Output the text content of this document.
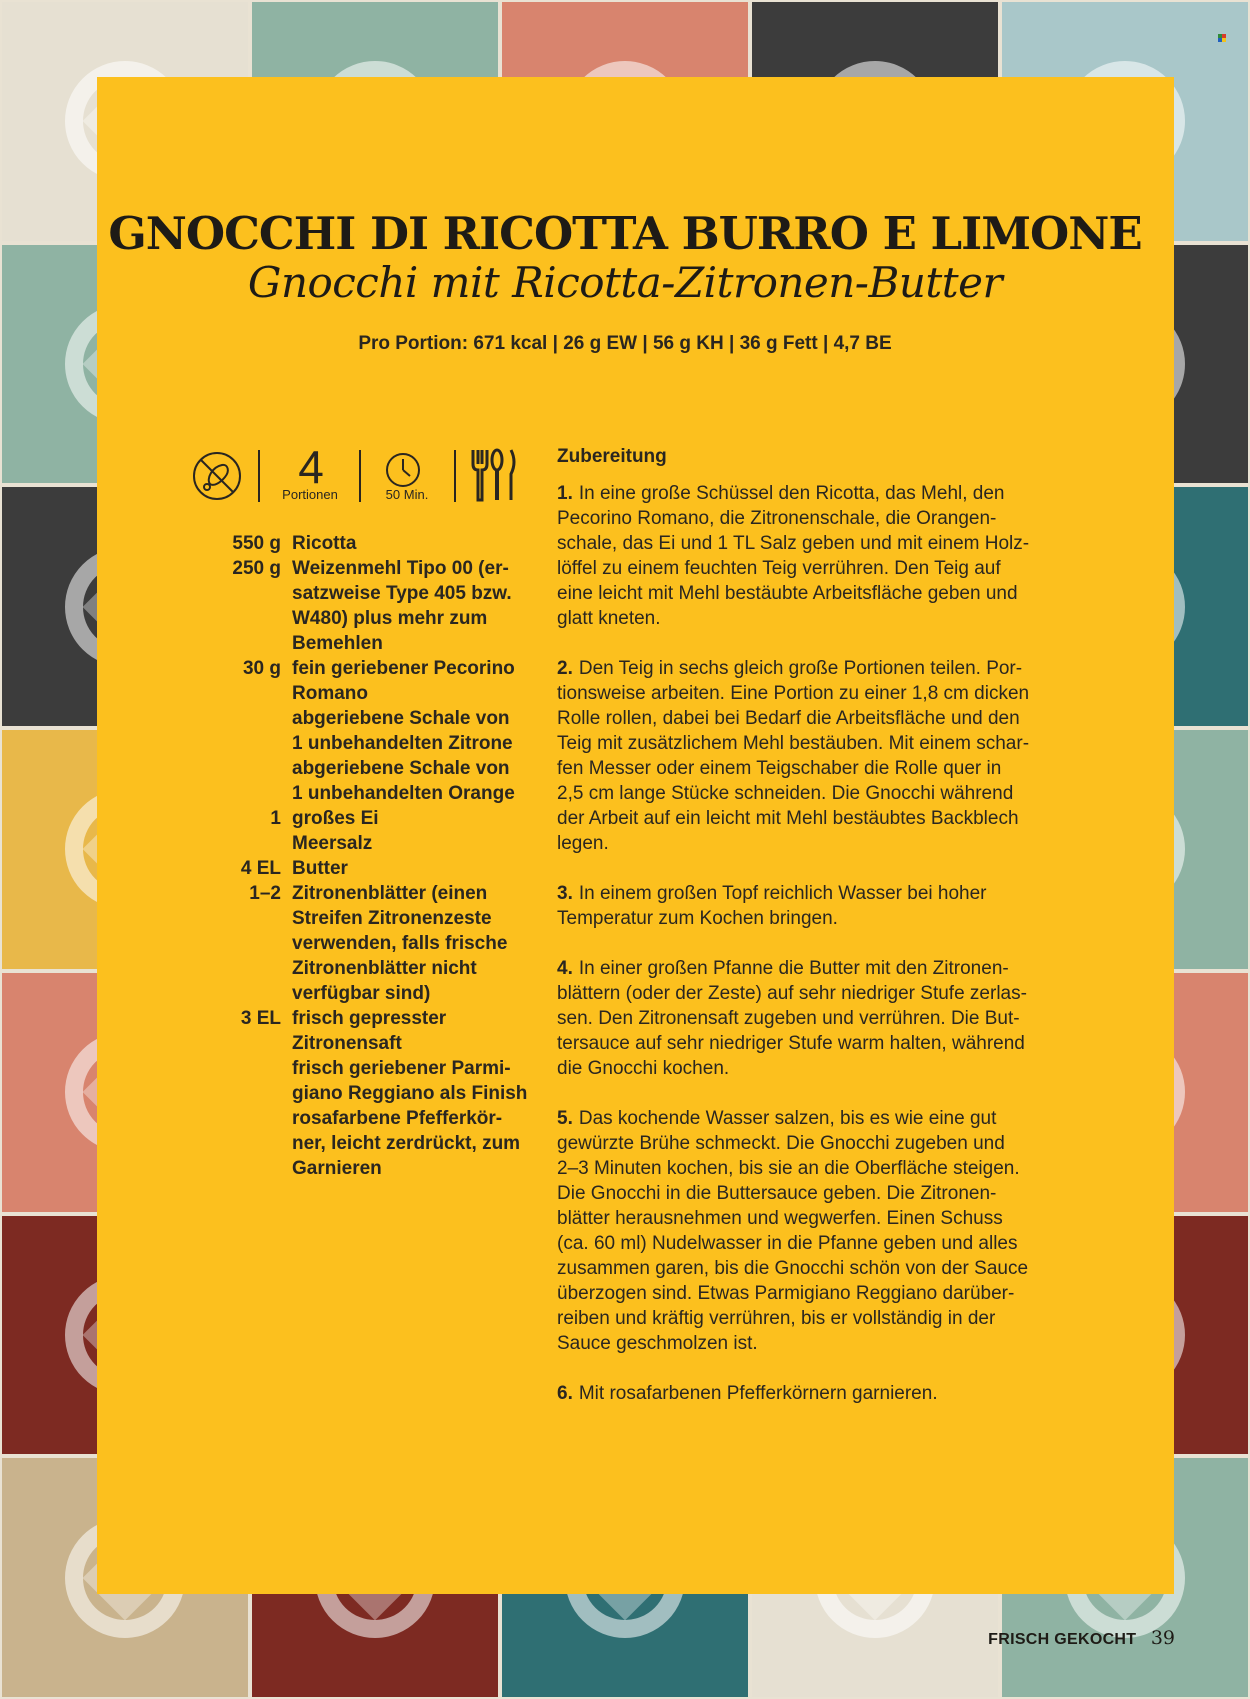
GNOCCHI DI RICOTTA BURRO E LIMONE
Gnocchi mit Ricotta-Zitronen-Butter
Pro Portion: 671 kcal | 26 g EW | 56 g KH | 36 g Fett | 4,7 BE
4
Portionen	50 Min.
550 g Ricotta
250 g Weizenmehl Tipo 00 (er-
satzweise Type 405 bzw.
W480) plus mehr zum
Bemehlen
30 g fein geriebener Pecorino
Romano
abgeriebene Schale von
1 unbehandelten Zitrone
abgeriebene Schale von
1 unbehandelten Orange
1 großes Ei
Meersalz
4 EL Butter
1–2 Zitronenblätter (einen
Streifen Zitronenzeste
verwenden, falls frische
Zitronenblätter nicht
verfügbar sind)
3 EL frisch gepresster
Zitronensaft
frisch geriebener Parmi-
giano Reggiano als Finish
rosafarbene Pfefferkör-
ner, leicht zerdrückt, zum
Garnieren
Zubereitung
1. In eine große Schüssel den Ricotta, das Mehl, den
Pecorino Romano, die Zitronenschale, die Orangen-
schale, das Ei und 1 TL Salz geben und mit einem Holz-
löffel zu einem feuchten Teig verrühren. Den Teig auf
eine leicht mit Mehl bestäubte Arbeitsfläche geben und
glatt kneten.
2. Den Teig in sechs gleich große Portionen teilen. Por-
tionsweise arbeiten. Eine Portion zu einer 1,8 cm dicken
Rolle rollen, dabei bei Bedarf die Arbeitsfläche und den
Teig mit zusätzlichem Mehl bestäuben. Mit einem schar-
fen Messer oder einem Teigschaber die Rolle quer in
2,5 cm lange Stücke schneiden. Die Gnocchi während
der Arbeit auf ein leicht mit Mehl bestäubtes Backblech
legen.
3. In einem großen Topf reichlich Wasser bei hoher
Temperatur zum Kochen bringen.
4. In einer großen Pfanne die Butter mit den Zitronen-
blättern (oder der Zeste) auf sehr niedriger Stufe zerlas-
sen. Den Zitronensaft zugeben und verrühren. Die But-
tersauce auf sehr niedriger Stufe warm halten, während
die Gnocchi kochen.
5. Das kochende Wasser salzen, bis es wie eine gut
gewürzte Brühe schmeckt. Die Gnocchi zugeben und
2–3 Minuten kochen, bis sie an die Oberfläche steigen.
Die Gnocchi in die Buttersauce geben. Die Zitronen-
blätter herausnehmen und wegwerfen. Einen Schuss
(ca. 60 ml) Nudelwasser in die Pfanne geben und alles
zusammen garen, bis die Gnocchi schön von der Sauce
überzogen sind. Etwas Parmigiano Reggiano darüber-
reiben und kräftig verrühren, bis er vollständig in der
Sauce geschmolzen ist.
6. Mit rosafarbenen Pfefferkörnern garnieren.
FRISCH GEKOCHT 39
